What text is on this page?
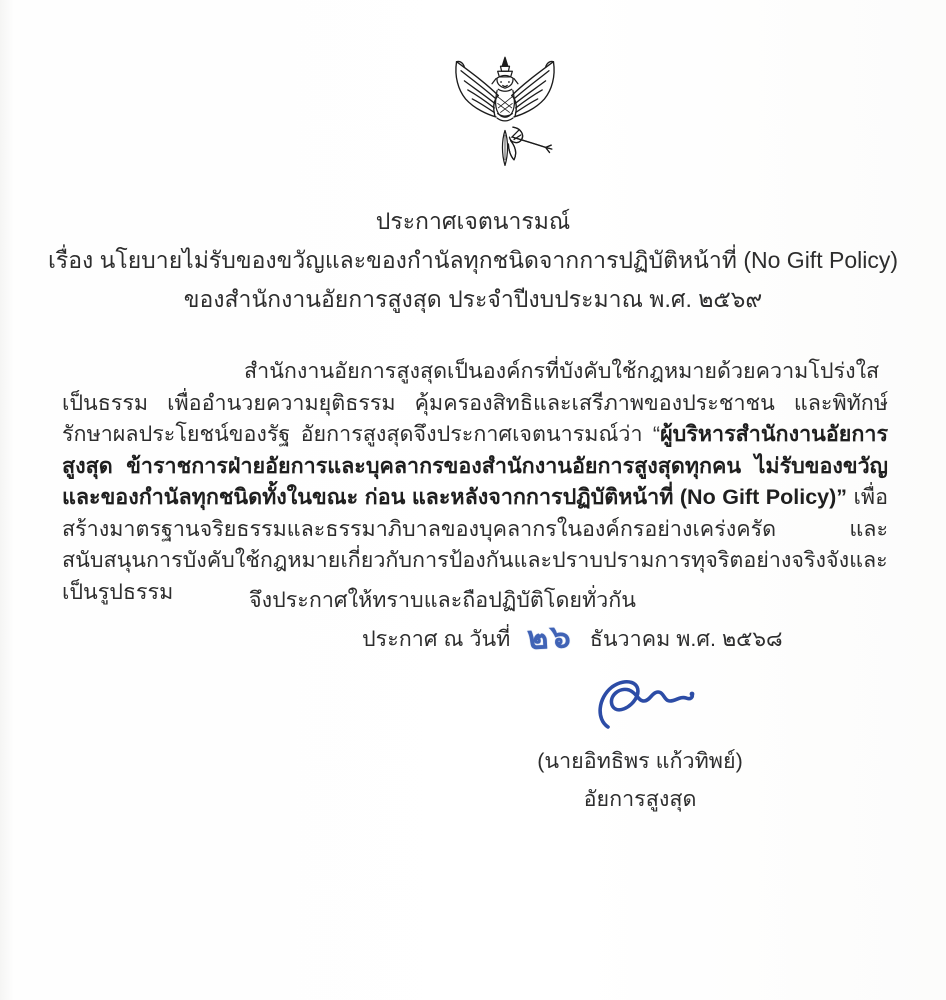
ประกาศเจตนารมณ์
เรื่อง นโยบายไม่รับของขวัญและของกำนัลทุกชนิดจากการปฏิบัติหน้าที่ (No Gift Policy)
ของสำนักงานอัยการสูงสุด ประจำปีงบประมาณ พ.ศ. ๒๕๖๙

สำนักงานอัยการสูงสุดเป็นองค์กรที่บังคับใช้กฎหมายด้วยความโปร่งใส เป็นธรรม เพื่ออำนวยความยุติธรรม คุ้มครองสิทธิและเสรีภาพของประชาชน และพิทักษ์รักษาผลประโยชน์ของรัฐ อัยการสูงสุดจึงประกาศเจตนารมณ์ว่า “ผู้บริหารสำนักงานอัยการสูงสุด ข้าราชการฝ่ายอัยการและบุคลากรของสำนักงานอัยการสูงสุดทุกคน ไม่รับของขวัญและของกำนัลทุกชนิดทั้งในขณะ ก่อน และหลังจากการปฏิบัติหน้าที่ (No Gift Policy)” เพื่อสร้างมาตรฐานจริยธรรมและธรรมาภิบาลของบุคลากรในองค์กรอย่างเคร่งครัด และสนับสนุนการบังคับใช้กฎหมายเกี่ยวกับการป้องกันและปราบปรามการทุจริตอย่างจริงจังและเป็นรูปธรรม	จึงประกาศให้ทราบและถือปฏิบัติโดยทั่วกัน
ประกาศ ณ วันที่ ๒๖ ธันวาคม พ.ศ. ๒๕๖๘
(นายอิทธิพร แก้วทิพย์)
อัยการสูงสุด
